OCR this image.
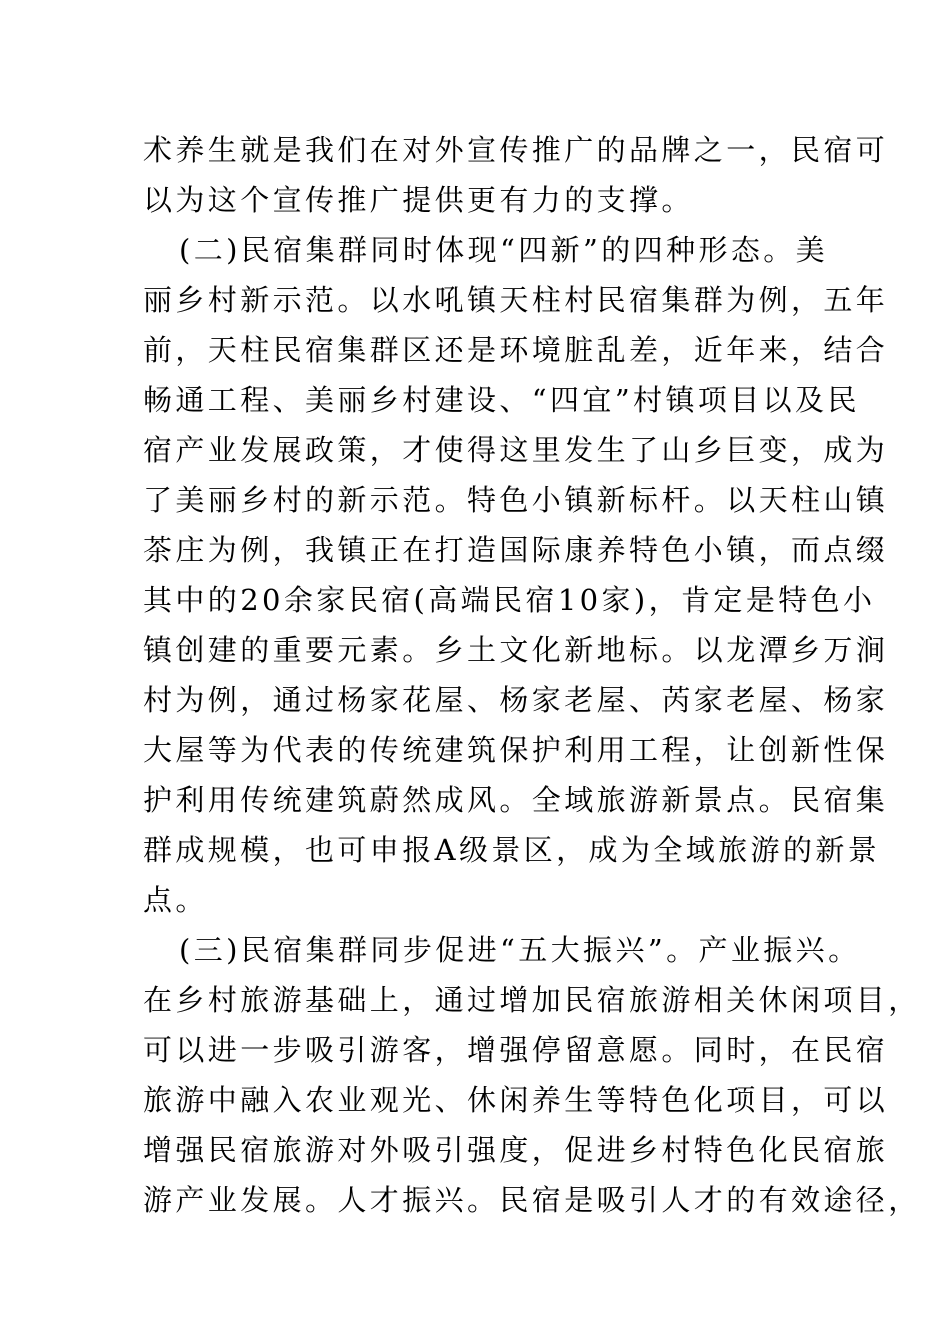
术养生就是我们在对外宣传推广的品牌之一，民宿可
以为这个宣传推广提供更有力的支撑。
(二)民宿集群同时体现“四新”的四种形态。美
丽乡村新示范。以水吼镇天柱村民宿集群为例，五年
前，天柱民宿集群区还是环境脏乱差，近年来，结合
畅通工程、美丽乡村建设、“四宜”村镇项目以及民
宿产业发展政策，才使得这里发生了山乡巨变，成为
了美丽乡村的新示范。特色小镇新标杆。以天柱山镇
茶庄为例，我镇正在打造国际康养特色小镇，而点缀
其中的20余家民宿(高端民宿10家)，肯定是特色小
镇创建的重要元素。乡土文化新地标。以龙潭乡万涧
村为例，通过杨家花屋、杨家老屋、芮家老屋、杨家
大屋等为代表的传统建筑保护利用工程，让创新性保
护利用传统建筑蔚然成风。全域旅游新景点。民宿集
群成规模，也可申报A级景区，成为全域旅游的新景
点。
(三)民宿集群同步促进“五大振兴”。产业振兴。
在乡村旅游基础上，通过增加民宿旅游相关休闲项目，
可以进一步吸引游客，增强停留意愿。同时，在民宿
旅游中融入农业观光、休闲养生等特色化项目，可以
增强民宿旅游对外吸引强度，促进乡村特色化民宿旅
游产业发展。人才振兴。民宿是吸引人才的有效途径，
